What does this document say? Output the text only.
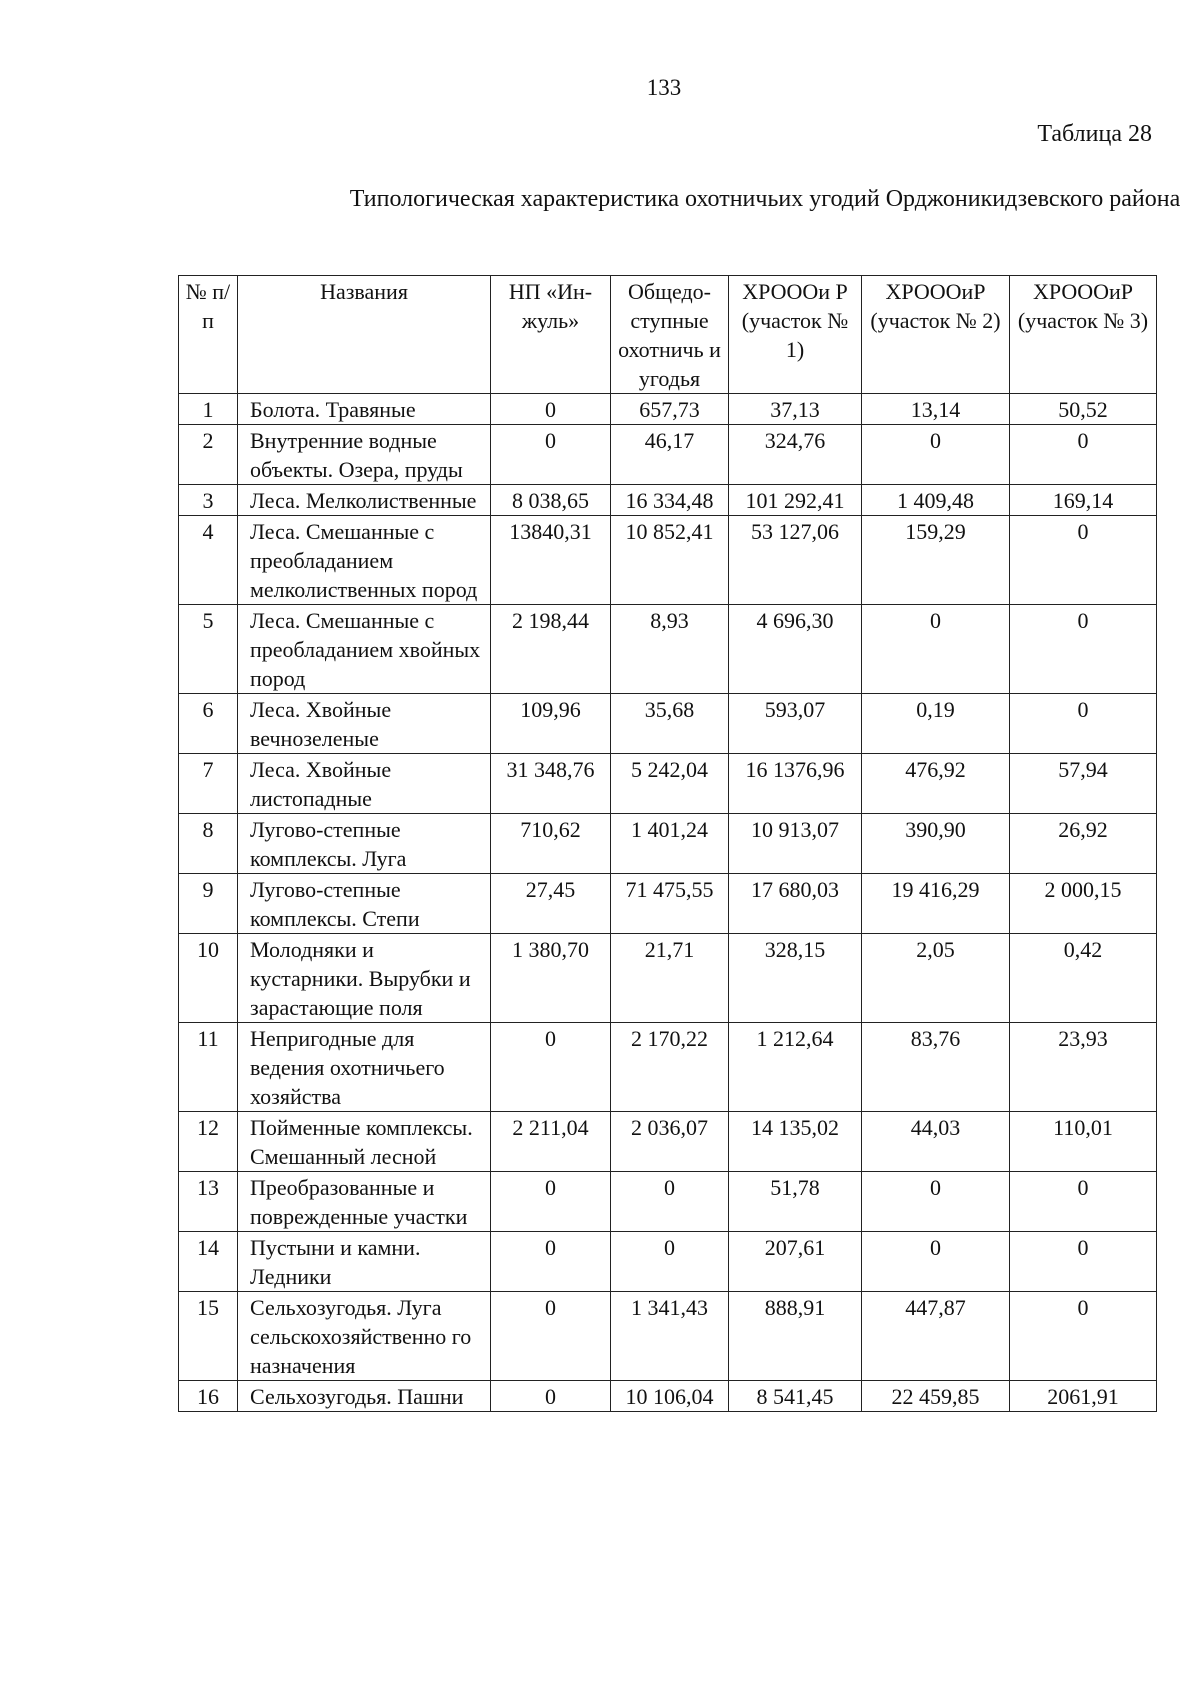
133
Таблица 28
Типологическая характеристика охотничьих угодий Орджоникидзевского района
№ п/п	Названия	НП «Ин-жуль»	Общедо-ступные охотничь и угодья	ХРОООи Р (участок № 1)	ХРОООиР (участок № 2)	ХРОООиР (участок № 3)
1	Болота. Травяные	0	657,73	37,13	13,14	50,52
2	Внутренние водные объекты. Озера, пруды	0	46,17	324,76	0	0
3	Леса. Мелколиственные	8 038,65	16 334,48	101 292,41	1 409,48	169,14
4	Леса. Смешанные с преобладанием мелколиственных пород	13840,31	10 852,41	53 127,06	159,29	0
5	Леса. Смешанные с преобладанием хвойных пород	2 198,44	8,93	4 696,30	0	0
6	Леса. Хвойные вечнозеленые	109,96	35,68	593,07	0,19	0
7	Леса. Хвойные листопадные	31 348,76	5 242,04	16 1376,96	476,92	57,94
8	Лугово-степные комплексы. Луга	710,62	1 401,24	10 913,07	390,90	26,92
9	Лугово-степные комплексы. Степи	27,45	71 475,55	17 680,03	19 416,29	2 000,15
10	Молодняки и кустарники. Вырубки и зарастающие поля	1 380,70	21,71	328,15	2,05	0,42
11	Непригодные для ведения охотничьего хозяйства	0	2 170,22	1 212,64	83,76	23,93
12	Пойменные комплексы. Смешанный лесной	2 211,04	2 036,07	14 135,02	44,03	110,01
13	Преобразованные и поврежденные участки	0	0	51,78	0	0
14	Пустыни и камни. Ледники	0	0	207,61	0	0
15	Сельхозугодья. Луга сельскохозяйственно го назначения	0	1 341,43	888,91	447,87	0
16	Сельхозугодья. Пашни	0	10 106,04	8 541,45	22 459,85	2061,91
